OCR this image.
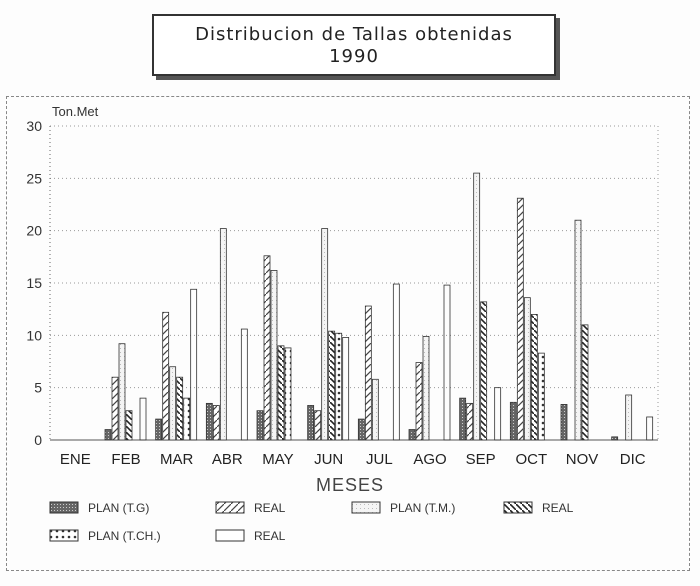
Distribucion de Tallas obtenidas
1990
0
5
10
15
20
25
30
ENE FEB MAR ABR MAY JUN JUL AGO SEP OCT NOV DIC
Ton.Met
MESES
PLAN (T.G)	REAL	PLAN (T.M.)	REAL
PLAN (T.CH.)	REAL
